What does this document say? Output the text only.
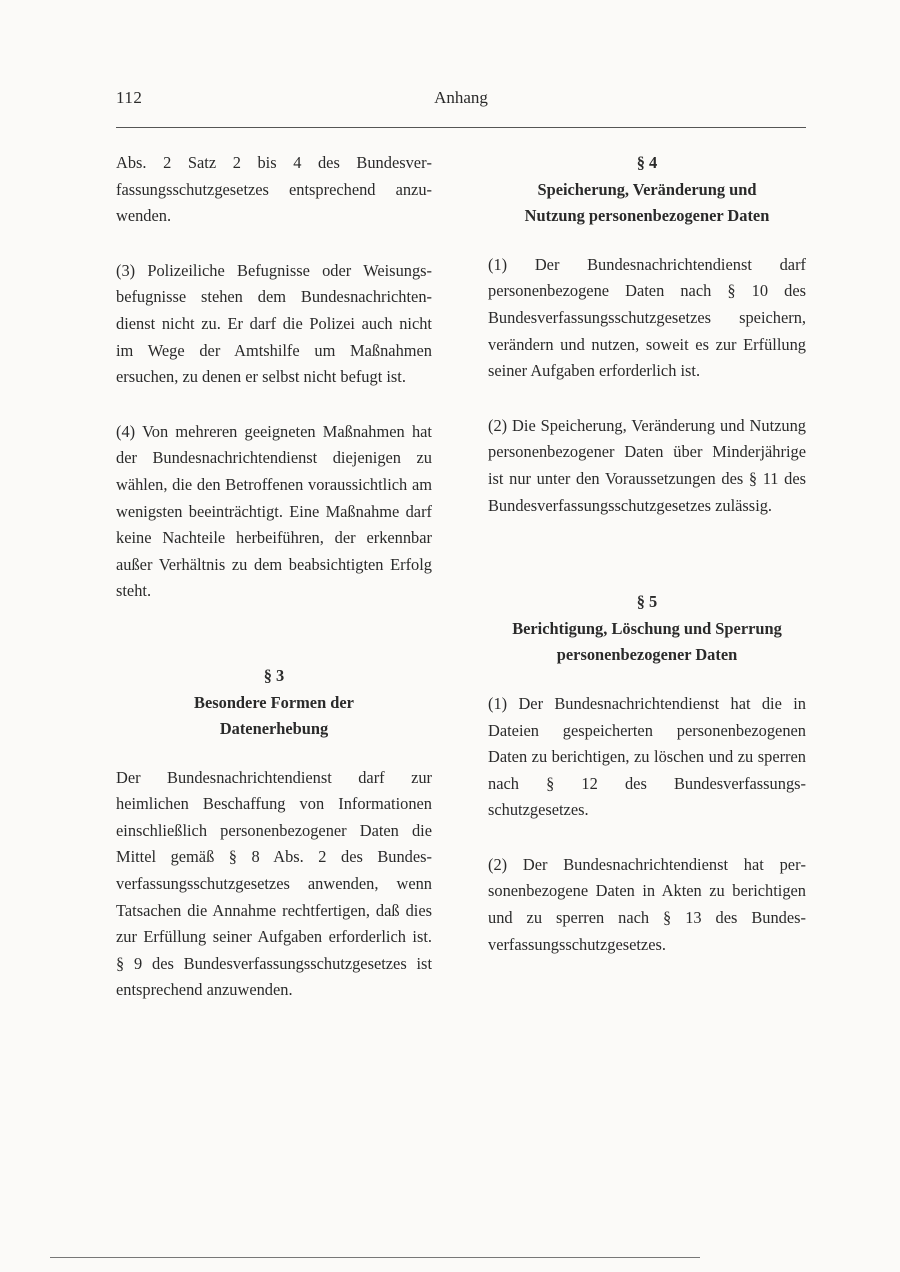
112	Anhang

Abs. 2 Satz 2 bis 4 des Bundesverfassungsschutzgesetzes entsprechend anzuwenden.

(3) Polizeiliche Befugnisse oder Weisungsbefugnisse stehen dem Bundesnachrichtendienst nicht zu. Er darf die Polizei auch nicht im Wege der Amtshilfe um Maßnahmen ersuchen, zu denen er selbst nicht befugt ist.

(4) Von mehreren geeigneten Maßnahmen hat der Bundesnachrichtendienst diejenigen zu wählen, die den Betroffenen voraussichtlich am wenigsten beeinträchtigt. Eine Maßnahme darf keine Nachteile herbeiführen, der erkennbar außer Verhältnis zu dem beabsichtigten Erfolg steht.

§ 3

Besondere Formen der

Datenerhebung

Der Bundesnachrichtendienst darf zur heimlichen Beschaffung von Informationen einschließlich personenbezogener Daten die Mittel gemäß § 8 Abs. 2 des Bundesverfassungsschutzgesetzes anwenden, wenn Tatsachen die Annahme rechtfertigen, daß dies zur Erfüllung seiner Aufgaben erforderlich ist. § 9 des Bundesverfassungsschutzgesetzes ist entsprechend anzuwenden.

§ 4

Speicherung, Veränderung und

Nutzung personenbezogener Daten

(1) Der Bundesnachrichtendienst darf personenbezogene Daten nach § 10 des Bundesverfassungsschutzgesetzes speichern, verändern und nutzen, soweit es zur Erfüllung seiner Aufgaben erforderlich ist.

(2) Die Speicherung, Veränderung und Nutzung personenbezogener Daten über Minderjährige ist nur unter den Voraussetzungen des § 11 des Bundesverfassungsschutzgesetzes zulässig.

§ 5

Berichtigung, Löschung und Sperrung

personenbezogener Daten

(1) Der Bundesnachrichtendienst hat die in Dateien gespeicherten personenbezogenen Daten zu berichtigen, zu löschen und zu sperren nach § 12 des Bundesverfassungsschutzgesetzes.

(2) Der Bundesnachrichtendienst hat personenbezogene Daten in Akten zu berichtigen und zu sperren nach § 13 des Bundesverfassungsschutzgesetzes.
